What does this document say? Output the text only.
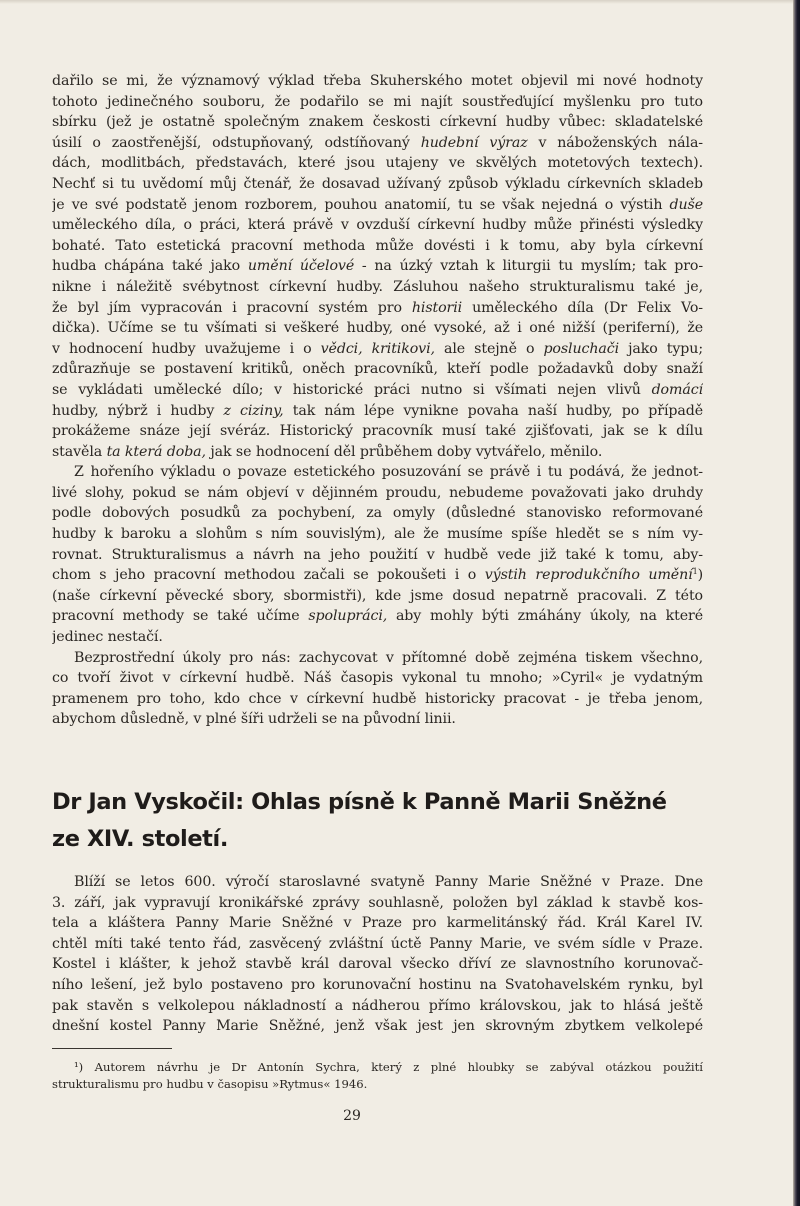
dařilo se mi, že významový výklad třeba Skuherského motet objevil mi nové hodnoty
tohoto jedinečného souboru, že podařilo se mi najít soustřeďující myšlenku pro tuto
sbírku (jež je ostatně společným znakem českosti církevní hudby vůbec: skladatelské
úsilí o zaostřenější, odstupňovaný, odstíňovaný hudební výraz v náboženských nála-
dách, modlitbách, představách, které jsou utajeny ve skvělých motetových textech).
Nechť si tu uvědomí můj čtenář, že dosavad užívaný způsob výkladu církevních skladeb
je ve své podstatě jenom rozborem, pouhou anatomií, tu se však nejedná o výstih duše
uměleckého díla, o práci, která právě v ovzduší církevní hudby může přinésti výsledky
bohaté. Tato estetická pracovní methoda může dovésti i k tomu, aby byla církevní
hudba chápána také jako umění účelové - na úzký vztah k liturgii tu myslím; tak pro-
nikne i náležitě svébytnost církevní hudby. Zásluhou našeho strukturalismu také je,
že byl jím vypracován i pracovní systém pro historii uměleckého díla (Dr Felix Vo-
dička). Učíme se tu všímati si veškeré hudby, oné vysoké, až i oné nižší (periferní), že
v hodnocení hudby uvažujeme i o vědci, kritikovi, ale stejně o posluchači jako typu;
zdůrazňuje se postavení kritiků, oněch pracovníků, kteří podle požadavků doby snaží
se vykládati umělecké dílo; v historické práci nutno si všímati nejen vlivů domácí
hudby, nýbrž i hudby z ciziny, tak nám lépe vynikne povaha naší hudby, po případě
prokážeme snáze její svéráz. Historický pracovník musí také zjišťovati, jak se k dílu
stavěla ta která doba, jak se hodnocení děl průběhem doby vytvářelo, měnilo.
Z hořeního výkladu o povaze estetického posuzování se právě i tu podává, že jednot-
livé slohy, pokud se nám objeví v dějinném proudu, nebudeme považovati jako druhdy
podle dobových posudků za pochybení, za omyly (důsledné stanovisko reformované
hudby k baroku a slohům s ním souvislým), ale že musíme spíše hledět se s ním vy-
rovnat. Strukturalismus a návrh na jeho použití v hudbě vede již také k tomu, aby-
chom s jeho pracovní methodou začali se pokoušeti i o výstih reprodukčního umění$^1$)
(naše církevní pěvecké sbory, sbormistři), kde jsme dosud nepatrně pracovali. Z této
pracovní methody se také učíme spolupráci, aby mohly býti zmáhány úkoly, na které
jedinec nestačí.
Bezprostřední úkoly pro nás: zachycovat v přítomné době zejména tiskem všechno,
co tvoří život v církevní hudbě. Náš časopis vykonal tu mnoho; »Cyril« je vydatným
pramenem pro toho, kdo chce v církevní hudbě historicky pracovat - je třeba jenom,
abychom důsledně, v plné šíři udrželi se na původní linii.
Dr Jan Vyskočil: Ohlas písně k Panně Marii Sněžné
ze XIV. století.
Blíží se letos 600. výročí staroslavné svatyně Panny Marie Sněžné v Praze. Dne
3. září, jak vypravují kronikářské zprávy souhlasně, položen byl základ k stavbě kos-
tela a kláštera Panny Marie Sněžné v Praze pro karmelitánský řád. Král Karel IV.
chtěl míti také tento řád, zasvěcený zvláštní úctě Panny Marie, ve svém sídle v Praze.
Kostel i klášter, k jehož stavbě král daroval všecko dříví ze slavnostního korunovač-
ního lešení, jež bylo postaveno pro korunovační hostinu na Svatohavelském rynku, byl
pak stavěn s velkolepou nákladností a nádherou přímo královskou, jak to hlásá ještě
dnešní kostel Panny Marie Sněžné, jenž však jest jen skrovným zbytkem velkolepé
¹) Autorem návrhu je Dr Antonín Sychra, který z plné hloubky se zabýval otázkou použití
strukturalismu pro hudbu v časopisu »Rytmus« 1946.
29
